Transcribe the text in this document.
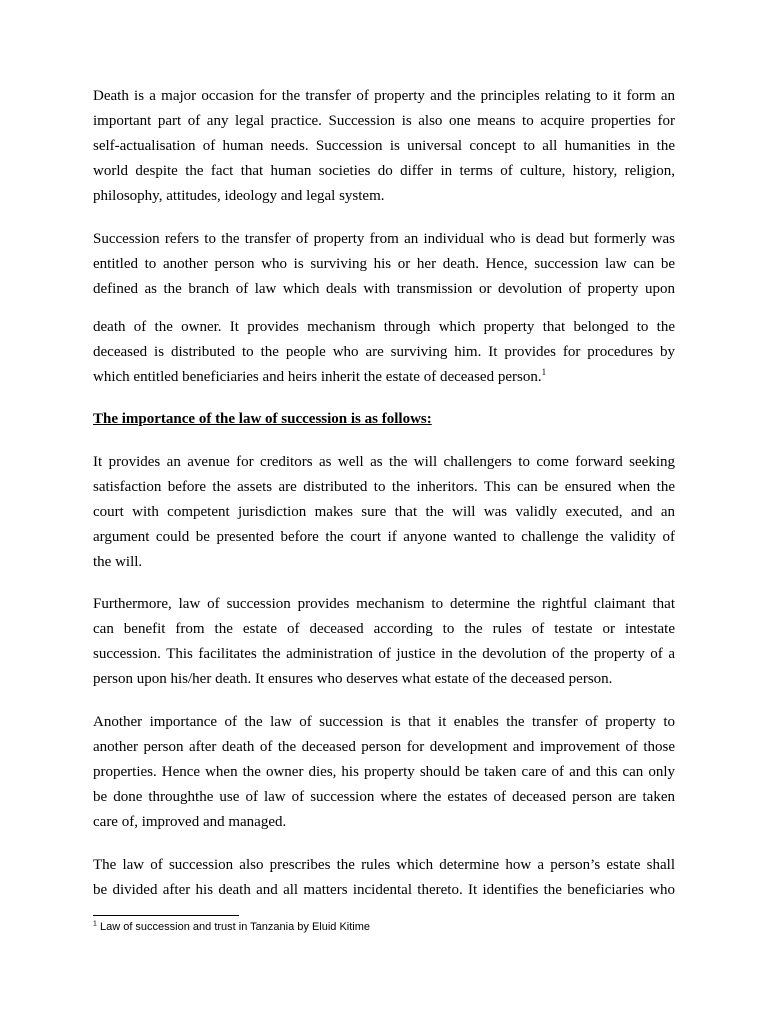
Death is a major occasion for the transfer of property and the principles relating to it form an
important part of any legal practice. Succession is also one means to acquire properties for
self-actualisation of human needs. Succession is universal concept to all humanities in the
world despite the fact that human societies do differ in terms of culture, history, religion,
philosophy, attitudes, ideology and legal system.
Succession refers to the transfer of property from an individual who is dead but formerly was
entitled to another person who is surviving his or her death. Hence, succession law can be
defined as the branch of law which deals with transmission or devolution of property upon
death of the owner. It provides mechanism through which property that belonged to the
deceased is distributed to the people who are surviving him. It provides for procedures by
which entitled beneficiaries and heirs inherit the estate of deceased person.$^1$

The importance of the law of succession is as follows:

It provides an avenue for creditors as well as the will challengers to come forward seeking
satisfaction before the assets are distributed to the inheritors. This can be ensured when the
court with competent jurisdiction makes sure that the will was validly executed, and an
argument could be presented before the court if anyone wanted to challenge the validity of
the will.
Furthermore, law of succession provides mechanism to determine the rightful claimant that
can benefit from the estate of deceased according to the rules of testate or intestate
succession. This facilitates the administration of justice in the devolution of the property of a
person upon his/her death. It ensures who deserves what estate of the deceased person.
Another importance of the law of succession is that it enables the transfer of property to
another person after death of the deceased person for development and improvement of those
properties. Hence when the owner dies, his property should be taken care of and this can only
be done throughthe use of law of succession where the estates of deceased person are taken
care of, improved and managed.
The law of succession also prescribes the rules which determine how a person’s estate shall
be divided after his death and all matters incidental thereto. It identifies the beneficiaries who

$^1$ Law of succession and trust in Tanzania by Eluid Kitime
